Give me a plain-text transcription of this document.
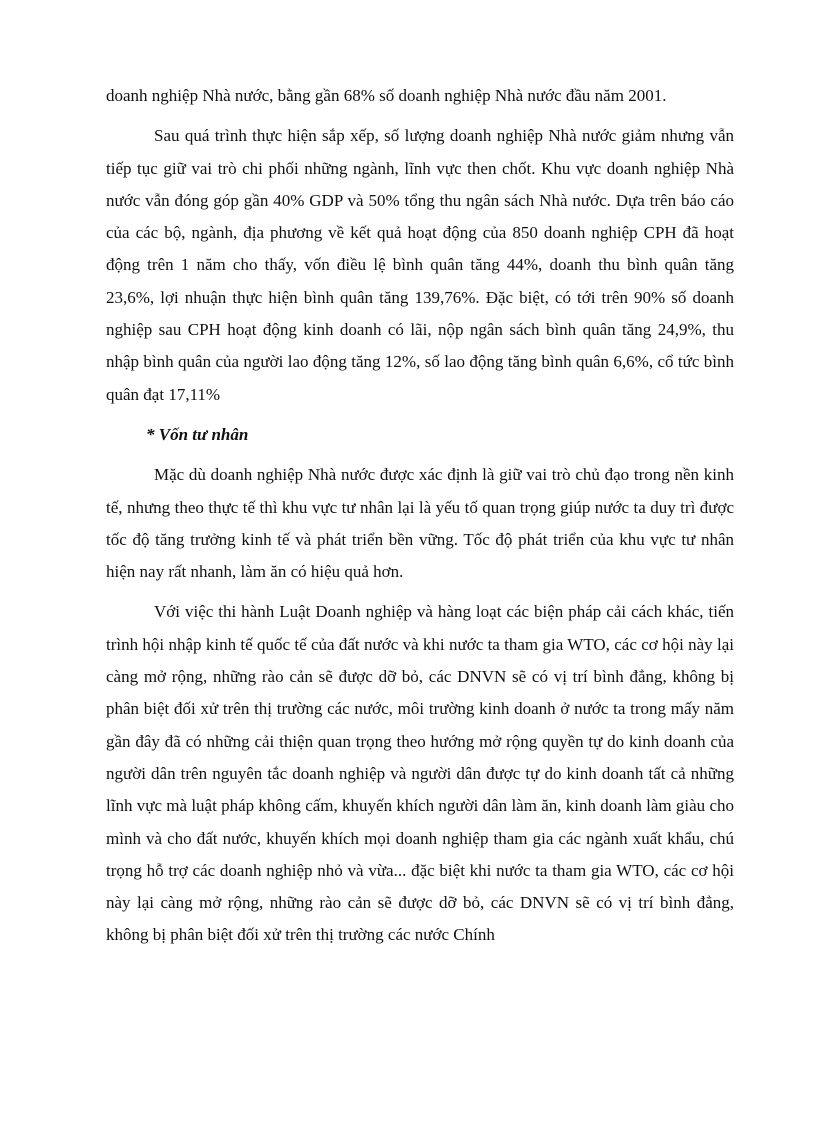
doanh nghiệp Nhà nước, bằng gần 68% số doanh nghiệp Nhà nước đầu năm 2001.

Sau quá trình thực hiện sắp xếp, số lượng doanh nghiệp Nhà nước giảm nhưng vẫn tiếp tục giữ vai trò chi phối những ngành, lĩnh vực then chốt. Khu vực doanh nghiệp Nhà nước vẫn đóng góp gần 40% GDP và 50% tổng thu ngân sách Nhà nước. Dựa trên báo cáo của các bộ, ngành, địa phương về kết quả hoạt động của 850 doanh nghiệp CPH đã hoạt động trên 1 năm cho thấy, vốn điều lệ bình quân tăng 44%, doanh thu bình quân tăng 23,6%, lợi nhuận thực hiện bình quân tăng 139,76%. Đặc biệt, có tới trên 90% số doanh nghiệp sau CPH hoạt động kinh doanh có lãi, nộp ngân sách bình quân tăng 24,9%, thu nhập bình quân của người lao động tăng 12%, số lao động tăng bình quân 6,6%, cổ tức bình quân đạt 17,11%

* Vốn tư nhân

Mặc dù doanh nghiệp Nhà nước được xác định là giữ vai trò chủ đạo trong nền kinh tế, nhưng theo thực tế thì khu vực tư nhân lại là yếu tố quan trọng giúp nước ta duy trì được tốc độ tăng trưởng kinh tế và phát triển bền vững. Tốc độ phát triển của khu vực tư nhân hiện nay rất nhanh, làm ăn có hiệu quả hơn.

Với việc thi hành Luật Doanh nghiệp và hàng loạt các biện pháp cải cách khác, tiến trình hội nhập kinh tế quốc tế của đất nước và khi nước ta tham gia WTO, các cơ hội này lại càng mở rộng, những rào cản sẽ được dỡ bỏ, các DNVN sẽ có vị trí bình đẳng, không bị phân biệt đối xử trên thị trường các nước, môi trường kinh doanh ở nước ta trong mấy năm gần đây đã có những cải thiện quan trọng theo hướng mở rộng quyền tự do kinh doanh của người dân trên nguyên tắc doanh nghiệp và người dân được tự do kinh doanh tất cả những lĩnh vực mà luật pháp không cấm, khuyến khích người dân làm ăn, kinh doanh làm giàu cho mình và cho đất nước, khuyến khích mọi doanh nghiệp tham gia các ngành xuất khẩu, chú trọng hỗ trợ các doanh nghiệp nhỏ và vừa... đặc biệt khi nước ta tham gia WTO, các cơ hội này lại càng mở rộng, những rào cản sẽ được dỡ bỏ, các DNVN sẽ có vị trí bình đẳng, không bị phân biệt đối xử trên thị trường các nước Chính
